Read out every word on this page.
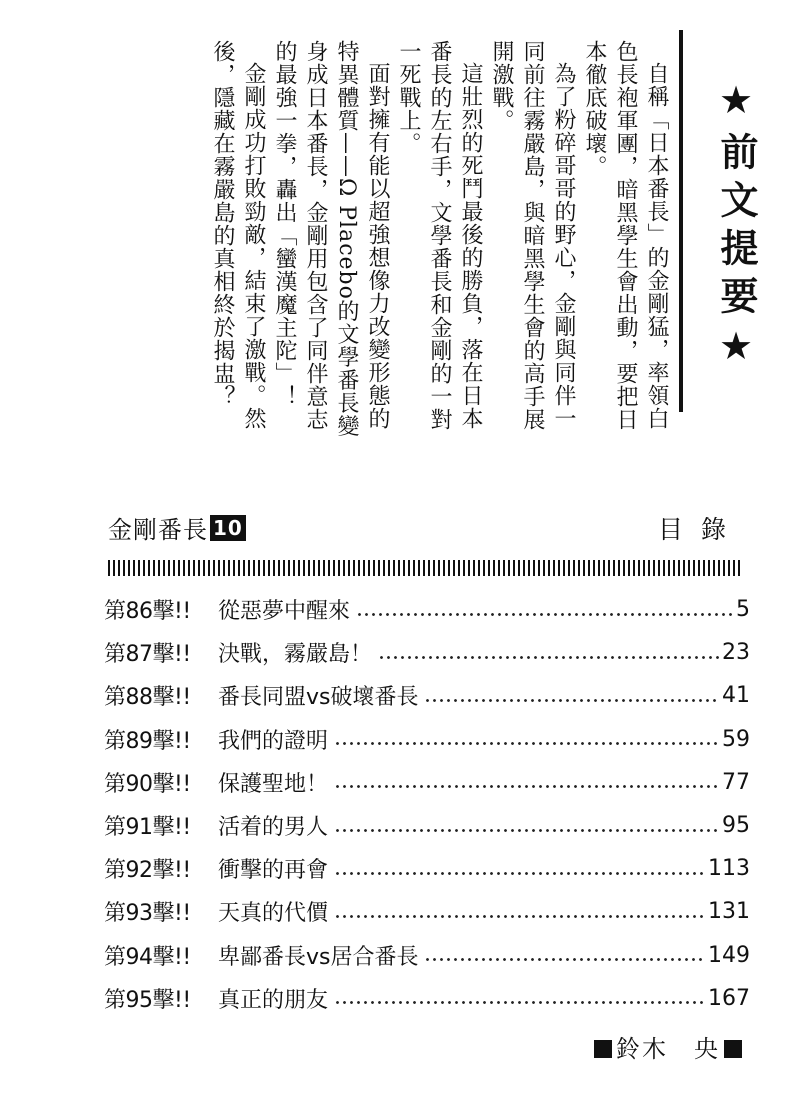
★前文提要★

自稱「日本番長」的金剛猛，率領白色長袍軍團，暗黑學生會出動，要把日本徹底破壞。

為了粉碎哥哥的野心，金剛與同伴一同前往霧嚴島，與暗黑學生會的高手展開激戰。

這壯烈的死鬥最後的勝負，落在日本番長的左右手，文學番長和金剛的一對一死戰上。

面對擁有能以超強想像力改變形態的特異體質——Ω Placebo的文學番長變身成日本番長，金剛用包含了同伴意志的最強一拳，轟出「蠻漢魔主陀」！

金剛成功打敗勁敵，結束了激戰。然後，隱藏在霧嚴島的真相終於揭盅？

金剛番長 10	目錄
第86擊!!	從惡夢中醒來	5
第87擊!!	決戰，霧嚴島！	23
第88擊!!	番長同盟vs破壞番長	41
第89擊!!	我們的證明	59
第90擊!!	保護聖地！	77
第91擊!!	活着的男人	95
第92擊!!	衝擊的再會	113
第93擊!!	天真的代價	131
第94擊!!	卑鄙番長vs居合番長	149
第95擊!!	真正的朋友	167
鈴木　央
